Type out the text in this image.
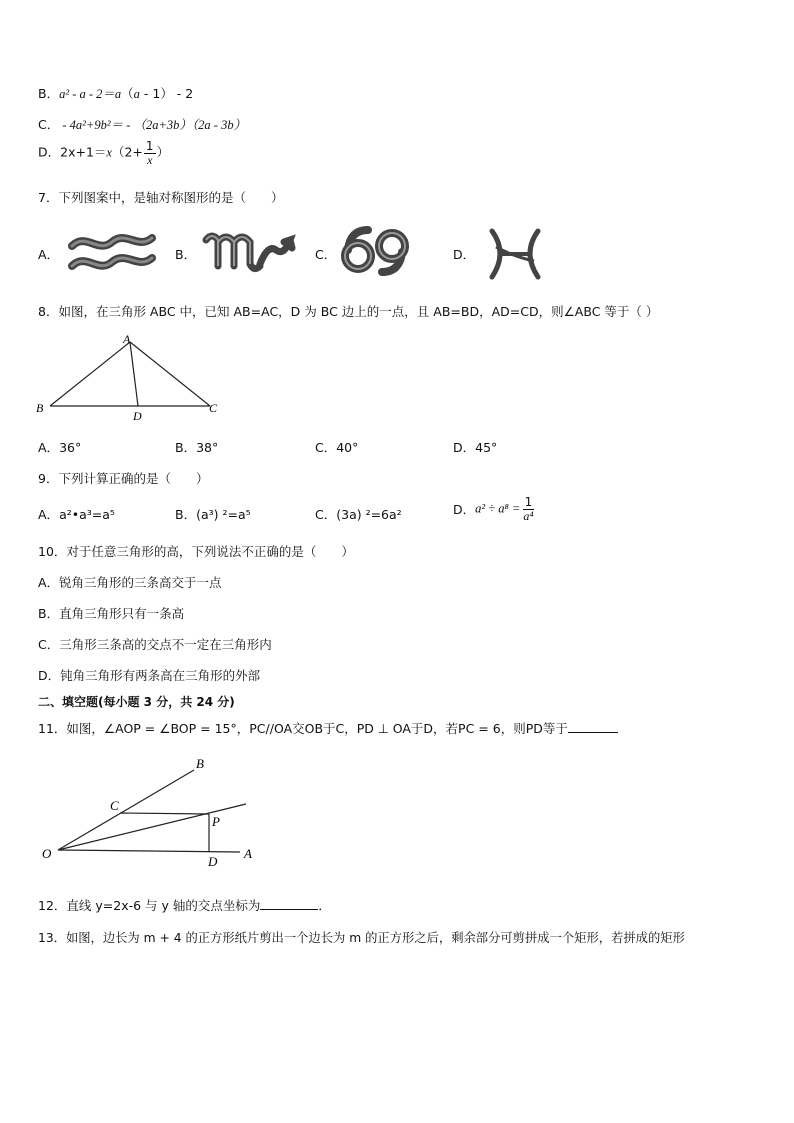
B．a² - a - 2＝a（a - 1） - 2
C． - 4a²+9b²＝ - （2a+3b）（2a - 3b）
D．$2x+1=x(2+ \frac{1}{x}$ ）
7．下列图案中，是轴对称图形的是（　　）
A．	B．	C．	D．
8．如图，在三角形 ABC 中，已知 AB=AC，D 为 BC 边上的一点，且 AB=BD，AD=CD，则∠ABC 等于（ ）
A
B	C
D
A．36°	B．38°	C．40°	D．45°
9．下列计算正确的是（　　）
A．a²•a³=a⁵	B．(a³) ²=a⁵	C．(3a) ²=6a²	D．$a^2 \div a^8 = \frac{1}{\text{a⁴}}$
10．对于任意三角形的高，下列说法不正确的是（　　）
A．锐角三角形的三条高交于一点
B．直角三角形只有一条高
C．三角形三条高的交点不一定在三角形内
D．钝角三角形有两条高在三角形的外部
二、填空题(每小题 3 分，共 24 分)
11．如图，∠AOP = ∠BOP = 15°，PC//OA交OB于C，PD ⊥ OA于D，若PC = 6，则PD等于
O	A
B
C
P
D
12．直线 y=2x-6 与 y 轴的交点坐标为	．
13．如图，边长为 m + 4 的正方形纸片剪出一个边长为 m 的正方形之后，剩余部分可剪拼成一个矩形，若拼成的矩形
